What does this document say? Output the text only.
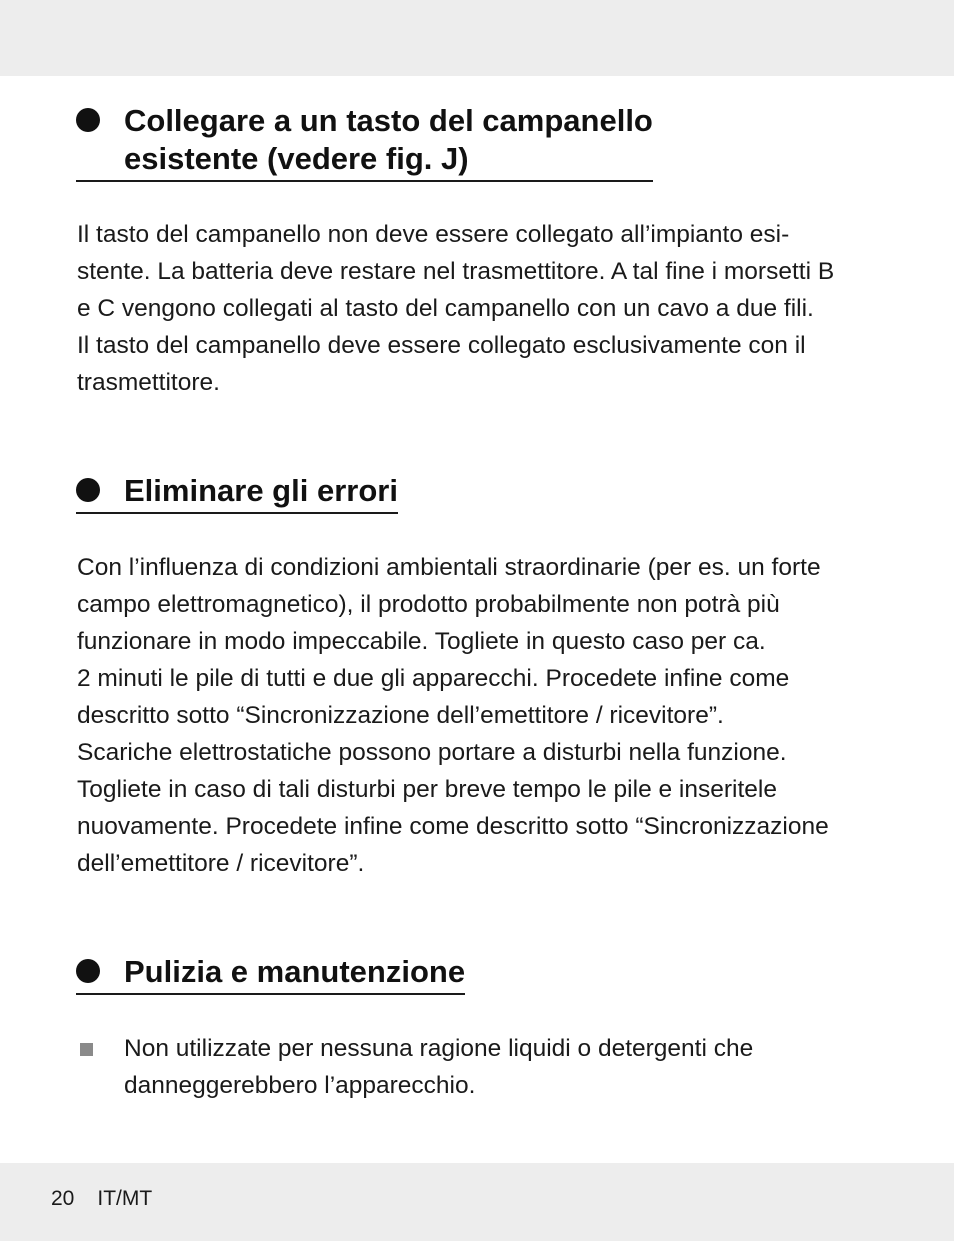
Collegare a un tasto del campanello
esistente (vedere fig. J)

Il tasto del campanello non deve essere collegato all’impianto esi-
stente. La batteria deve restare nel trasmettitore. A tal fine i morsetti B
e C vengono collegati al tasto del campanello con un cavo a due fili.
Il tasto del campanello deve essere collegato esclusivamente con il
trasmettitore.

Eliminare gli errori

Con l’influenza di condizioni ambientali straordinarie (per es. un forte
campo elettromagnetico), il prodotto probabilmente non potrà più
funzionare in modo impeccabile. Togliete in questo caso per ca.
2 minuti le pile di tutti e due gli apparecchi. Procedete infine come
descritto sotto “Sincronizzazione dell’emettitore / ricevitore”.
Scariche elettrostatiche possono portare a disturbi nella funzione.
Togliete in caso di tali disturbi per breve tempo le pile e inseritele
nuovamente. Procedete infine come descritto sotto “Sincronizzazione
dell’emettitore / ricevitore”.

Pulizia e manutenzione
Non utilizzate per nessuna ragione liquidi o detergenti che
danneggerebbero l’apparecchio.
20 IT/MT
